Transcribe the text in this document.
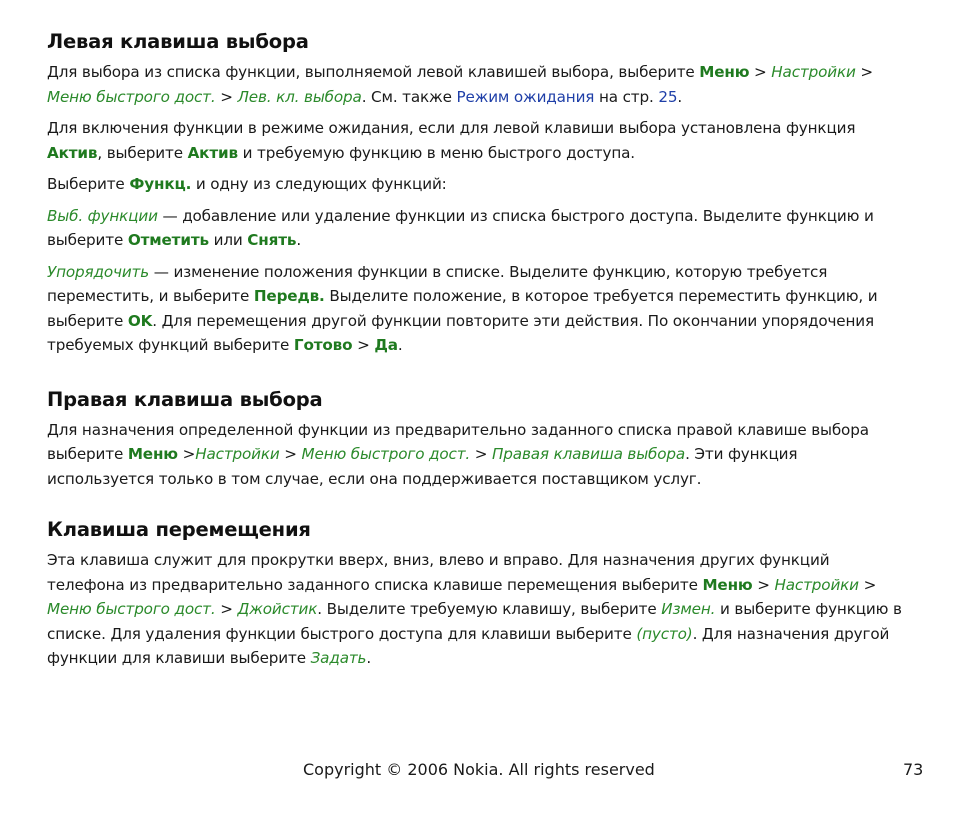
Левая клавиша выбора

Для выбора из списка функции, выполняемой левой клавишей выбора, выберите Меню > Настройки > Меню быстрого дост. > Лев. кл. выбора. См. также Режим ожидания на стр. 25.

Для включения функции в режиме ожидания, если для левой клавиши выбора установлена функция Актив, выберите Актив и требуемую функцию в меню быстрого доступа.

Выберите Функц. и одну из следующих функций:

Выб. функции — добавление или удаление функции из списка быстрого доступа. Выделите функцию и выберите Отметить или Снять.

Упорядочить — изменение положения функции в списке. Выделите функцию, которую требуется переместить, и выберите Передв. Выделите положение, в которое требуется переместить функцию, и выберите OK. Для перемещения другой функции повторите эти действия. По окончании упорядочения требуемых функций выберите Готово > Да.

Правая клавиша выбора

Для назначения определенной функции из предварительно заданного списка правой клавише выбора выберите Меню >Настройки > Меню быстрого дост. > Правая клавиша выбора. Эти функция используется только в том случае, если она поддерживается поставщиком услуг.

Клавиша перемещения

Эта клавиша служит для прокрутки вверх, вниз, влево и вправо. Для назначения других функций телефона из предварительно заданного списка клавише перемещения выберите Меню > Настройки > Меню быстрого дост. > Джойстик. Выделите требуемую клавишу, выберите Измен. и выберите функцию в списке. Для удаления функции быстрого доступа для клавиши выберите (пусто). Для назначения другой функции для клавиши выберите Задать.

Copyright © 2006 Nokia. All rights reserved	73
